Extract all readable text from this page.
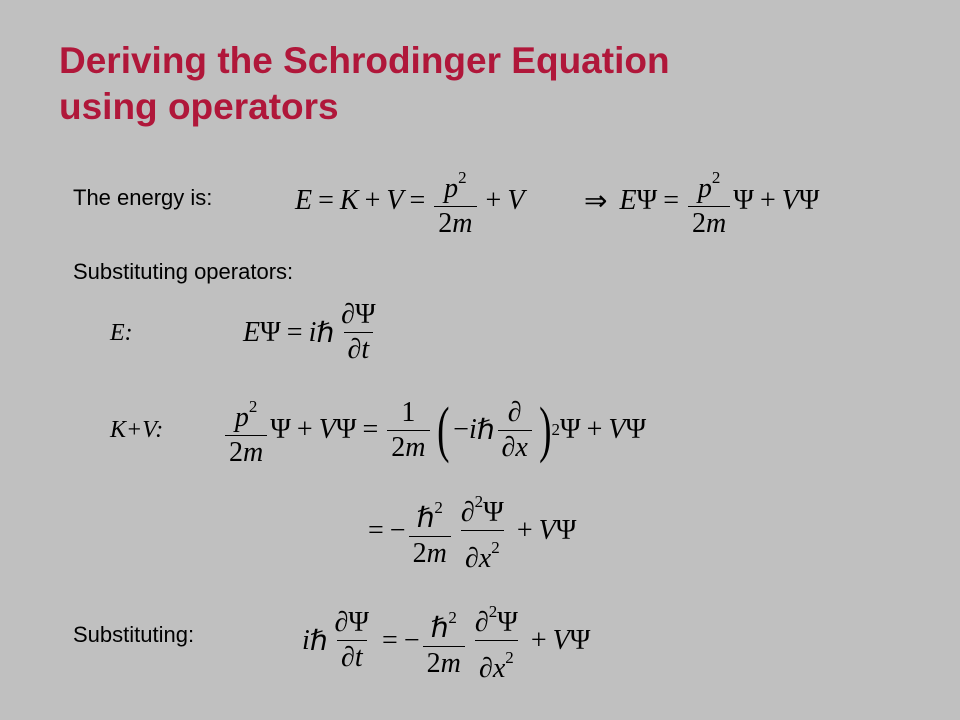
Deriving the Schrodinger Equation
using operators
The energy is:	$E = K + V = \frac{p^2}{2m} + V$ ⇒ E $\Psi = \frac{p^2}{2m}$ Ψ + V Ψ
Substituting operators:
E:	E Ψ = i ℏ $\frac{\partial\Psi}{\partial t}$
K+V: $\frac{p^2}{2m}$ Ψ + V $\Psi = \frac{1}{2m}$ ( − i ℏ $\frac{\partial}{\partial x}$ ) 2 Ψ + V Ψ
= − $\frac{\hbar^2}{2m} \frac{\partial^2\Psi}{\partial x^2} + V$ Ψ
Substituting:	i ℏ $\frac{\partial\Psi}{\partial t}$ = − $\frac{\hbar^2}{2m} \frac{\partial^2\Psi}{\partial x^2} + V$ Ψ
